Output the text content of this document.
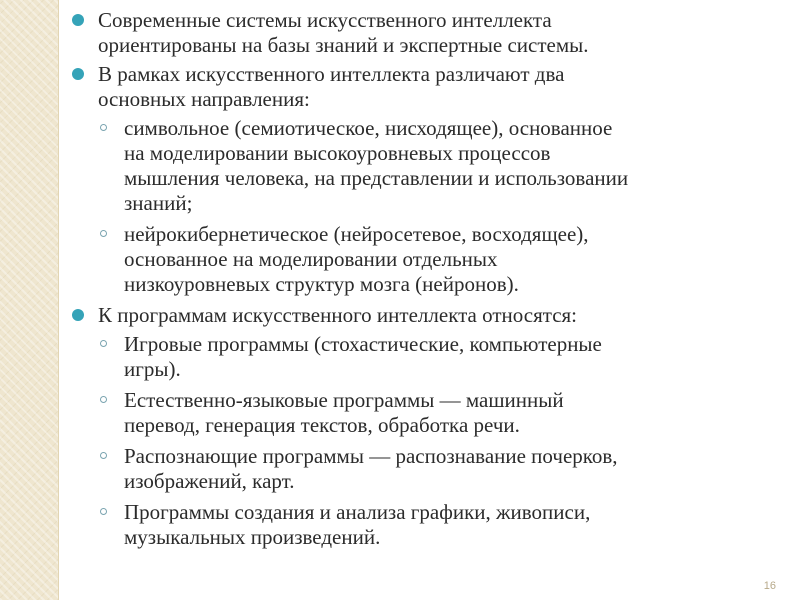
Современные системы искусственного интеллекта
ориентированы на базы знаний и экспертные системы.
В рамках искусственного интеллекта различают два
основных направления:
символьное (семиотическое, нисходящее), основанное
на моделировании высокоуровневых процессов
мышления человека, на представлении и использовании
знаний;
нейрокибернетическое (нейросетевое, восходящее),
основанное на моделировании отдельных
низкоуровневых структур мозга (нейронов).
К программам искусственного интеллекта относятся:
Игровые программы (стохастические, компьютерные
игры).
Естественно-языковые программы — машинный
перевод, генерация текстов, обработка речи.
Распознающие программы — распознавание почерков,
изображений, карт.
Программы создания и анализа графики, живописи,
музыкальных произведений.
16
